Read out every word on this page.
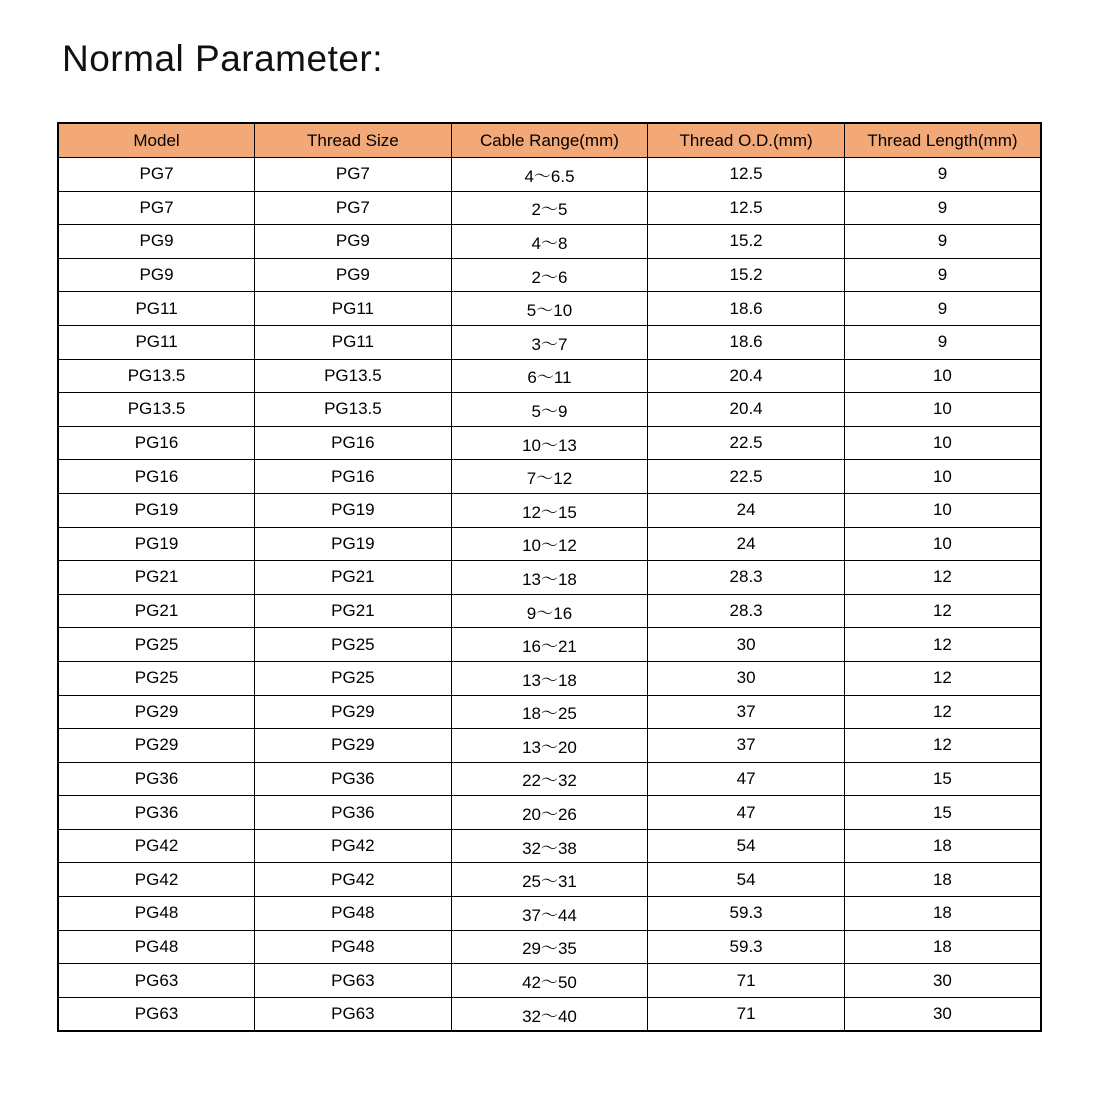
Normal Parameter:
Model	Thread Size	Cable Range(mm)	Thread O.D.(mm)	Thread Length(mm)
PG7	PG7	4～6.5	12.5	9
PG7	PG7	2～5	12.5	9
PG9	PG9	4～8	15.2	9
PG9	PG9	2～6	15.2	9
PG11	PG11	5～10	18.6	9
PG11	PG11	3～7	18.6	9
PG13.5	PG13.5	6～11	20.4	10
PG13.5	PG13.5	5～9	20.4	10
PG16	PG16	10～13	22.5	10
PG16	PG16	7～12	22.5	10
PG19	PG19	12～15	24	10
PG19	PG19	10～12	24	10
PG21	PG21	13～18	28.3	12
PG21	PG21	9～16	28.3	12
PG25	PG25	16～21	30	12
PG25	PG25	13～18	30	12
PG29	PG29	18～25	37	12
PG29	PG29	13～20	37	12
PG36	PG36	22～32	47	15
PG36	PG36	20～26	47	15
PG42	PG42	32～38	54	18
PG42	PG42	25～31	54	18
PG48	PG48	37～44	59.3	18
PG48	PG48	29～35	59.3	18
PG63	PG63	42～50	71	30
PG63	PG63	32～40	71	30
